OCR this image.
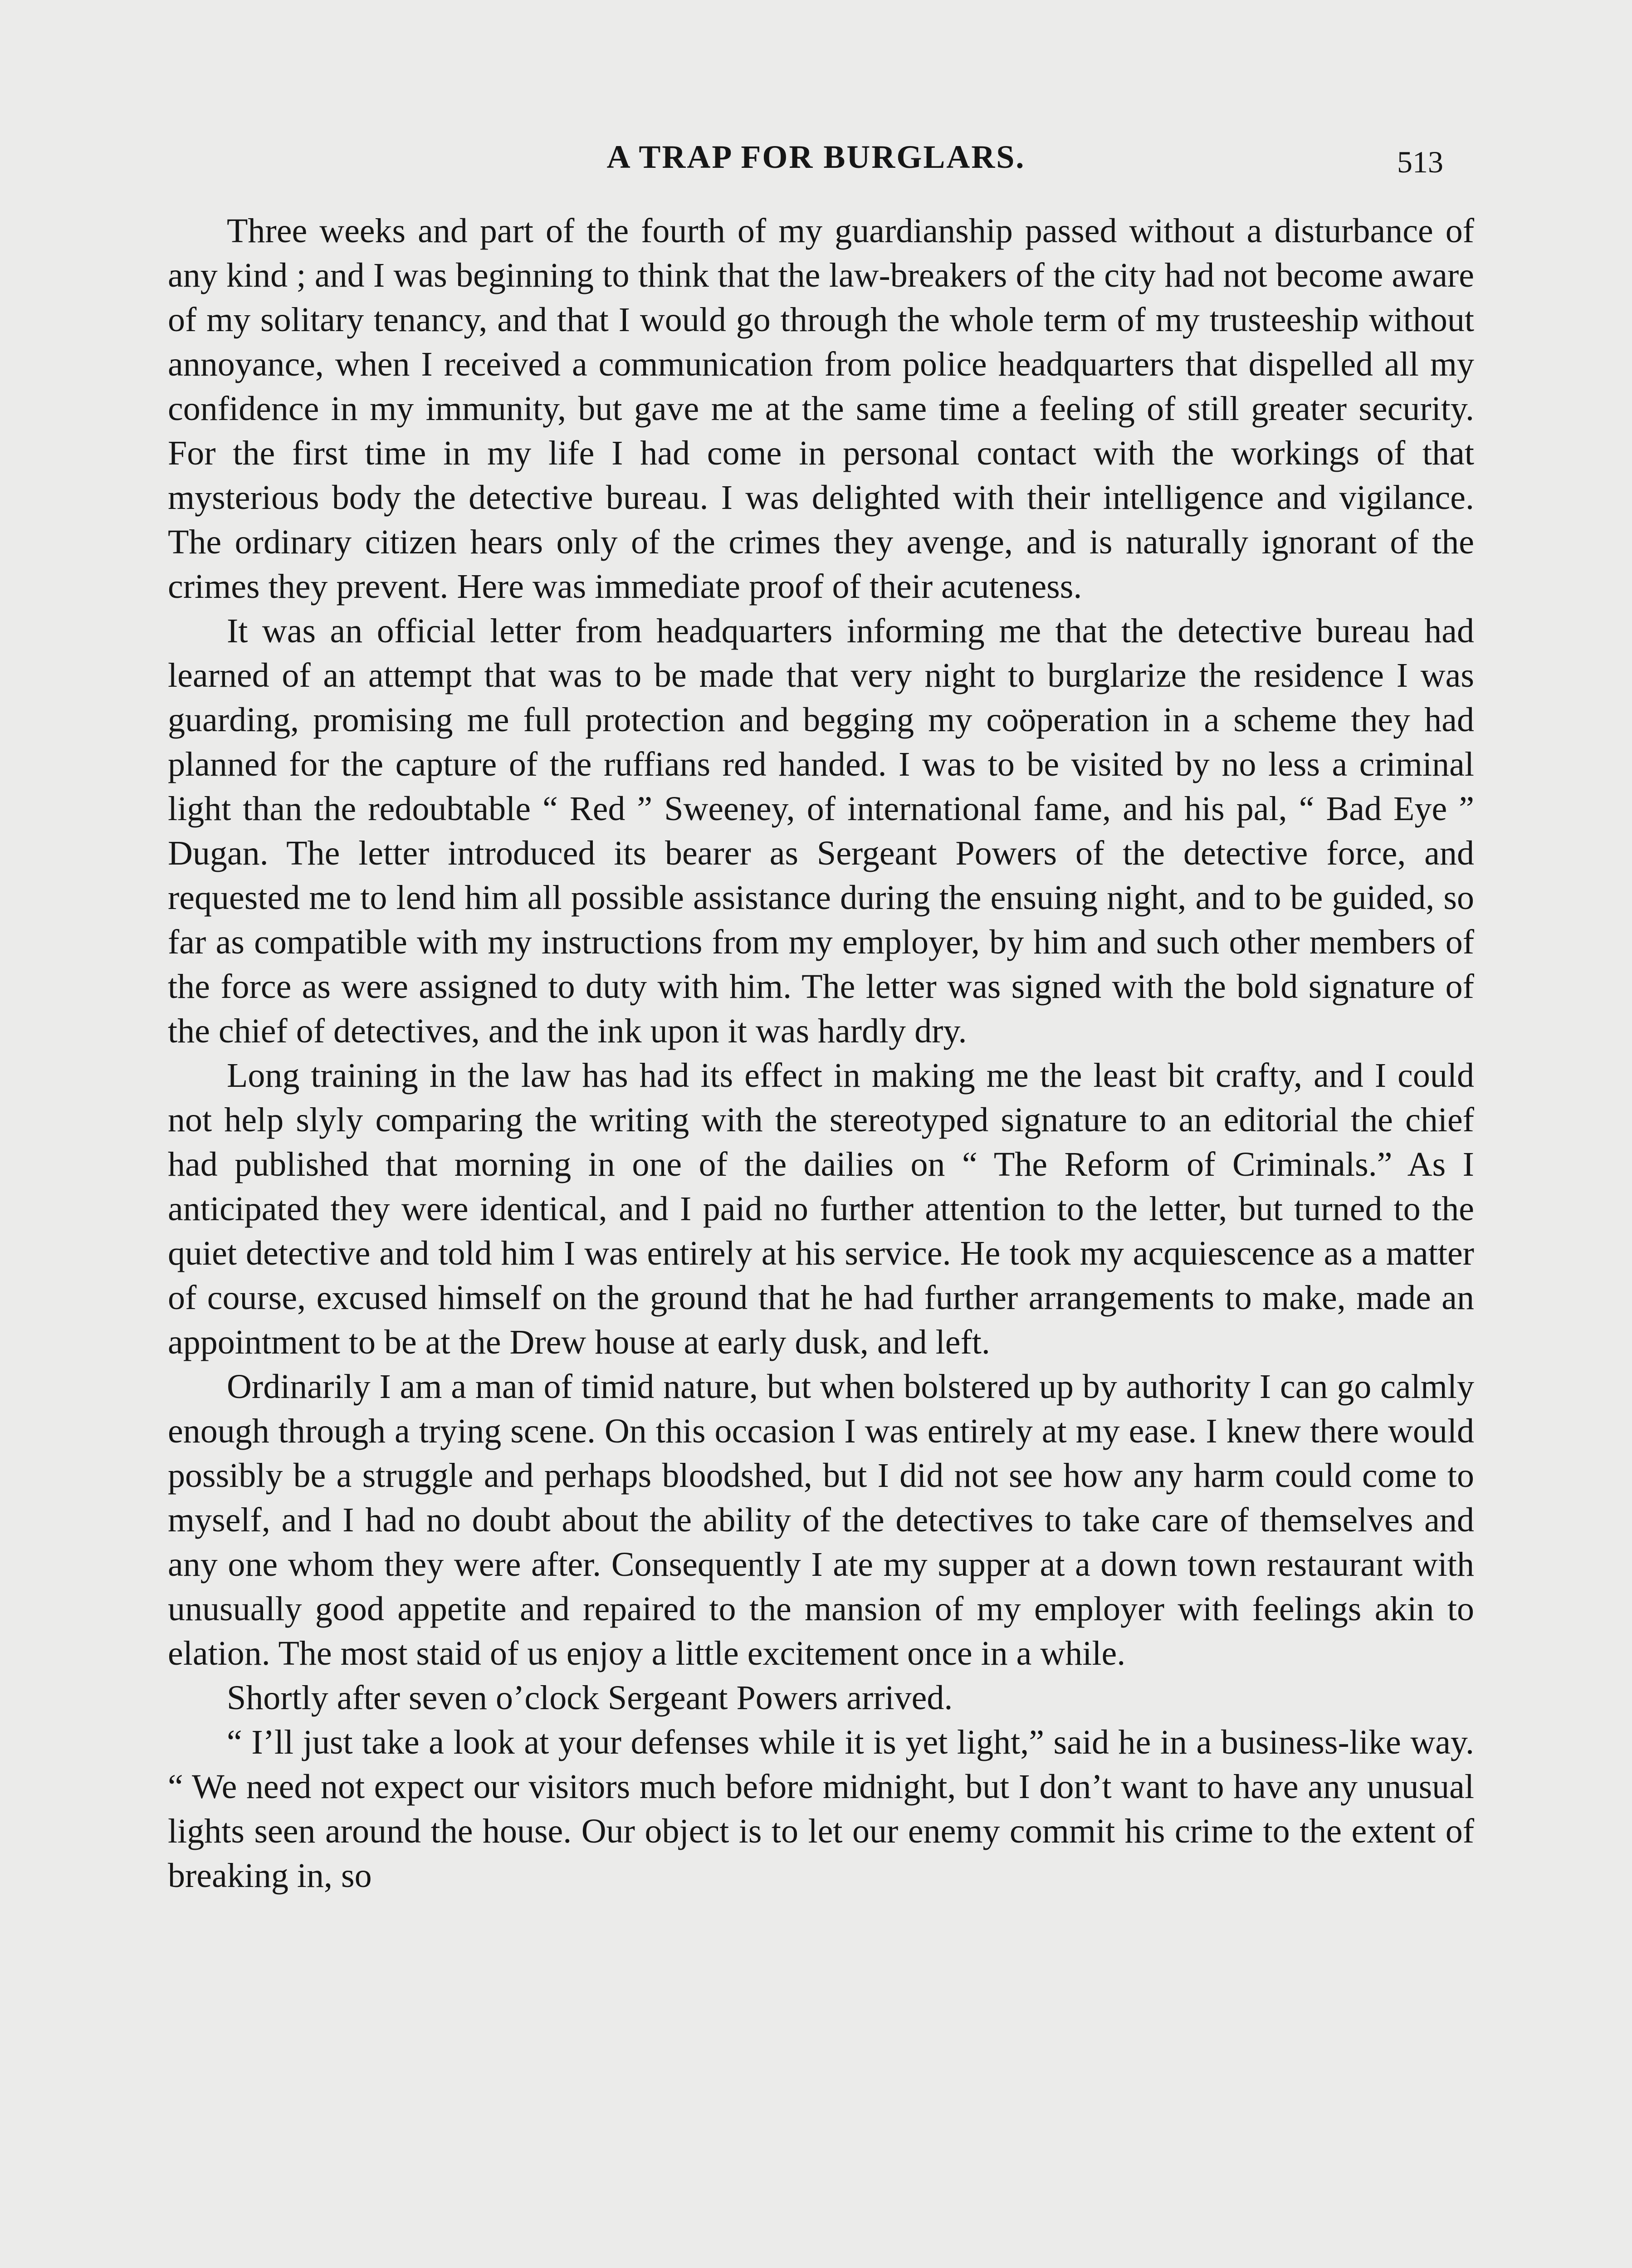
A TRAP FOR BURGLARS.	513

Three weeks and part of the fourth of my guardianship passed without a disturbance of any kind ; and I was beginning to think that the law-breakers of the city had not become aware of my solitary tenancy, and that I would go through the whole term of my trusteeship without annoyance, when I received a communication from police headquarters that dispelled all my confidence in my immunity, but gave me at the same time a feeling of still greater security. For the first time in my life I had come in personal contact with the workings of that mysterious body the detective bureau. I was delighted with their intelligence and vigilance. The ordinary citizen hears only of the crimes they avenge, and is naturally ignorant of the crimes they prevent. Here was immediate proof of their acuteness.

It was an official letter from headquarters informing me that the detective bureau had learned of an attempt that was to be made that very night to burglarize the residence I was guarding, promising me full protection and begging my coöperation in a scheme they had planned for the capture of the ruffians red handed. I was to be visited by no less a criminal light than the redoubtable “ Red ” Sweeney, of international fame, and his pal, “ Bad Eye ” Dugan. The letter introduced its bearer as Sergeant Powers of the detective force, and requested me to lend him all possible assistance during the ensuing night, and to be guided, so far as compatible with my instructions from my employer, by him and such other members of the force as were assigned to duty with him. The letter was signed with the bold signature of the chief of detectives, and the ink upon it was hardly dry.

Long training in the law has had its effect in making me the least bit crafty, and I could not help slyly comparing the writing with the stereotyped signature to an editorial the chief had published that morning in one of the dailies on “ The Reform of Criminals.” As I anticipated they were identical, and I paid no further attention to the letter, but turned to the quiet detective and told him I was entirely at his service. He took my acquiescence as a matter of course, excused himself on the ground that he had further arrangements to make, made an appointment to be at the Drew house at early dusk, and left.

Ordinarily I am a man of timid nature, but when bolstered up by authority I can go calmly enough through a trying scene. On this occasion I was entirely at my ease. I knew there would possibly be a struggle and perhaps bloodshed, but I did not see how any harm could come to myself, and I had no doubt about the ability of the detectives to take care of themselves and any one whom they were after. Consequently I ate my supper at a down town restaurant with unusually good appetite and repaired to the mansion of my employer with feelings akin to elation. The most staid of us enjoy a little excitement once in a while.

Shortly after seven o’clock Sergeant Powers arrived.

“ I’ll just take a look at your defenses while it is yet light,” said he in a business-like way. “ We need not expect our visitors much before midnight, but I don’t want to have any unusual lights seen around the house. Our object is to let our enemy commit his crime to the extent of breaking in, so
